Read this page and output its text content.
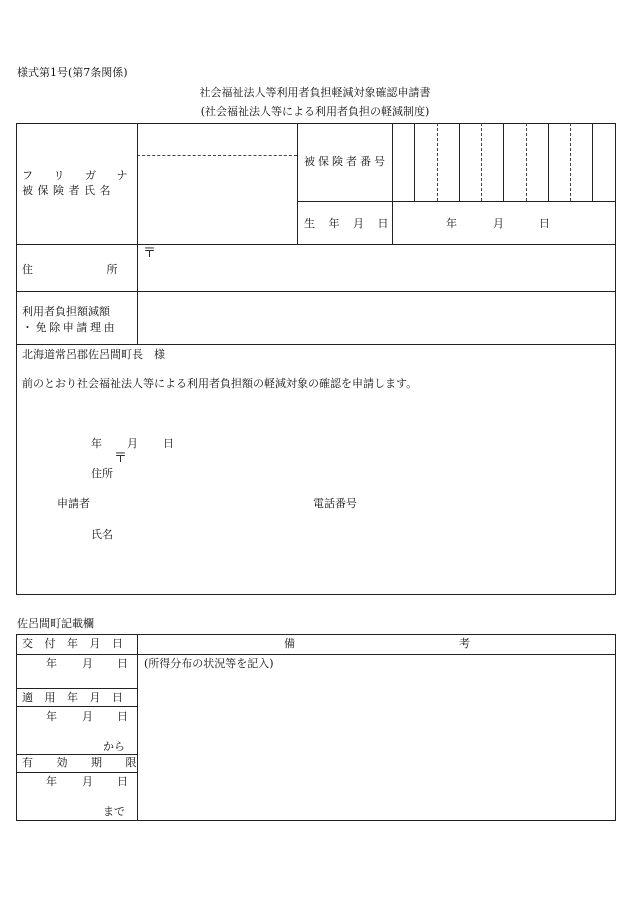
様式第1号(第7条関係)
社会福祉法人等利用者負担軽減対象確認申請書
(社会福祉法人等による利用者負担の軽減制度)
フ リ ガ ナ
被保険者氏名
被保険者番号
生 年 月 日	年	月	日
〒
住 所
利用者負担額減額
・免除申請理由
北海道常呂郡佐呂間町長　様
前のとおり社会福祉法人等による利用者負担額の軽減対象の確認を申請します。
年 月 日
〒
住所
申請者	電話番号
氏名
佐呂間町記載欄
交 付 年 月 日	備	考
(所得分布の状況等を記入)
年 月 日
適 用 年 月 日
年 月 日
から
有 効 期 限
年 月 日
まで
